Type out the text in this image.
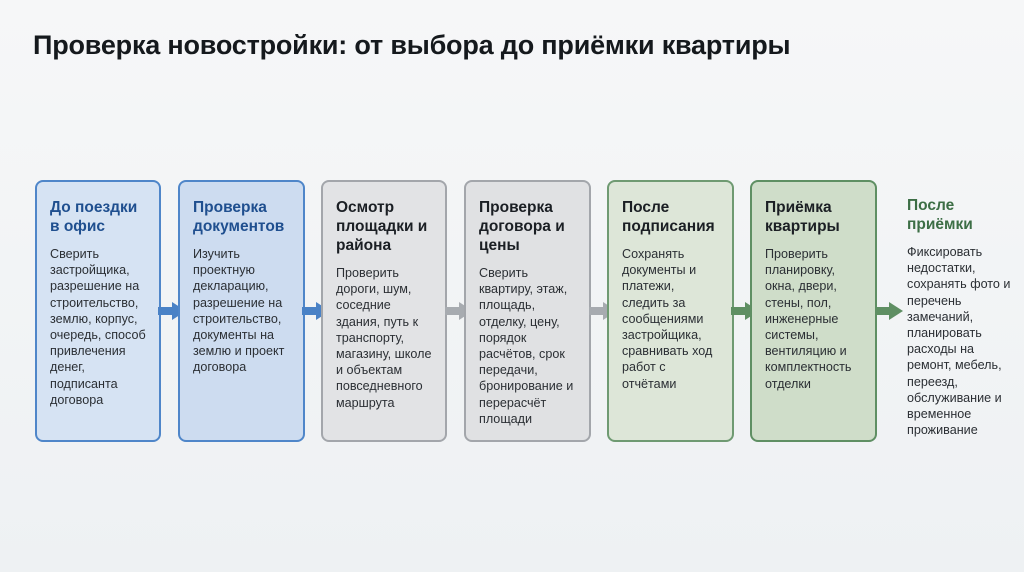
Проверка новостройки: от выбора до приёмки квартиры
До поездки в офис
Сверить застройщика, разрешение на строительство, землю, корпус, очередь, способ привлечения денег, подписанта договора
Проверка документов
Изучить проектную декларацию, разрешение на строительство, документы на землю и проект договора
Осмотр площадки и района
Проверить дороги, шум, соседние здания, путь к транспорту, магазину, школе и объектам повседневного маршрута
Проверка договора и цены
Сверить квартиру, этаж, площадь, отделку, цену, порядок расчётов, срок передачи, бронирование и перерасчёт площади
После подписания
Сохранять документы и платежи, следить за сообщениями застройщика, сравнивать ход работ с отчётами
Приёмка квартиры
Проверить планировку, окна, двери, стены, пол, инженерные системы, вентиляцию и комплектность отделки
После приёмки
Фиксировать недостатки, сохранять фото и перечень замечаний, планировать расходы на ремонт, мебель, переезд, обслуживание и временное проживание
